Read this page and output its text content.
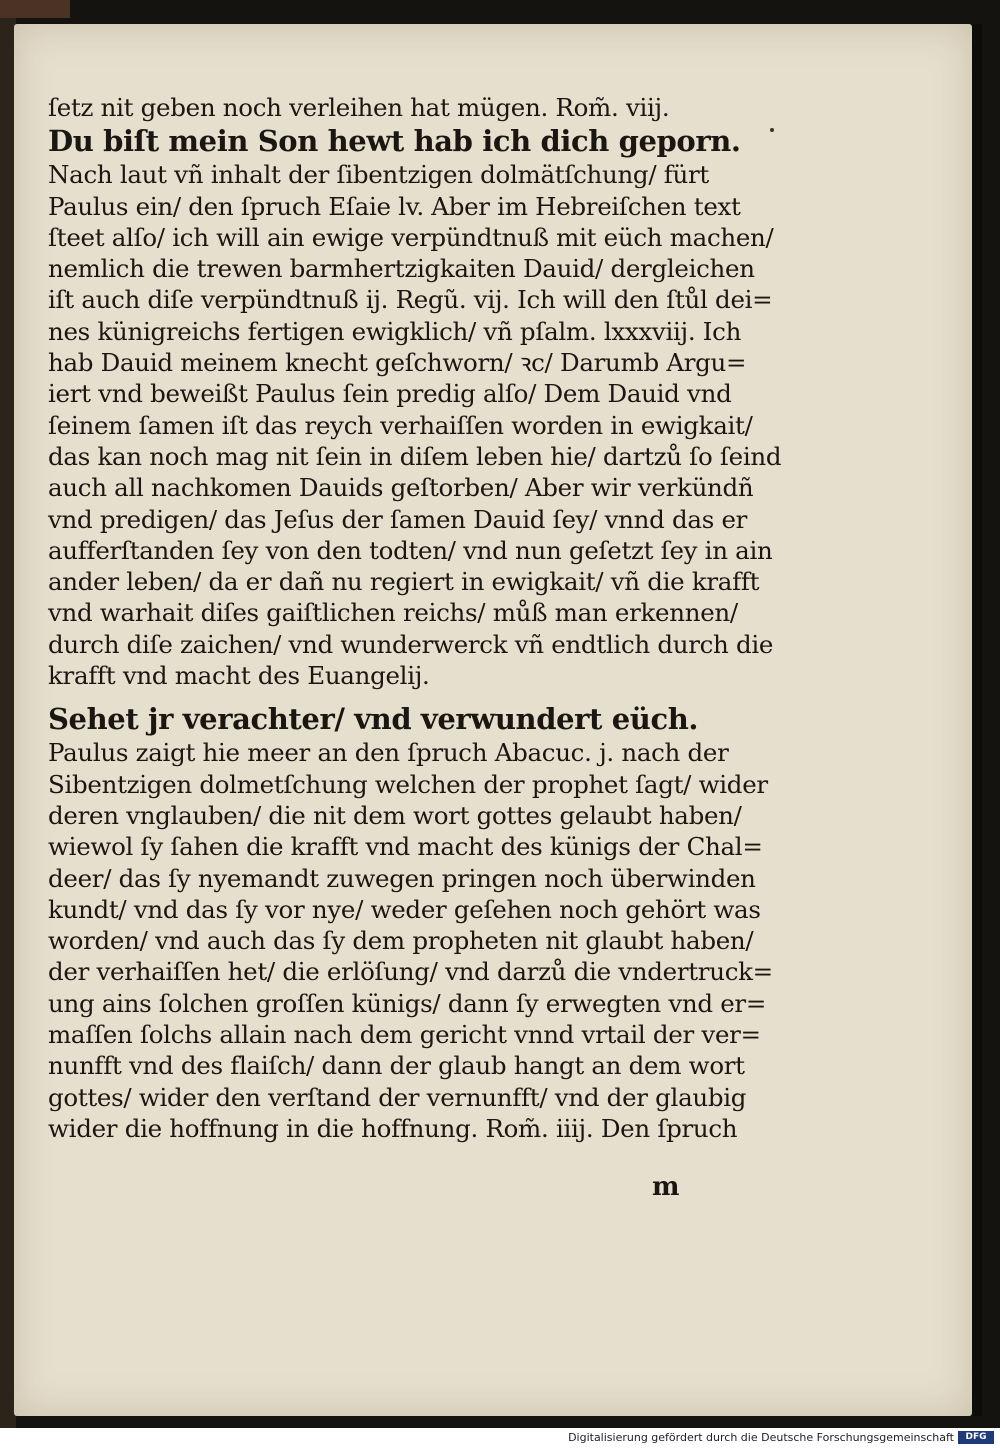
ſetz nit geben noch verleihen hat mügen. Rom̃. viij.
Du biſt mein Son hewt hab ich dich geporn.
Nach laut vñ inhalt der ſibentzigen dolmätſchung/ fürt
Paulus ein/ den ſpruch Eſaie lv. Aber im Hebreiſchen text
ſteet alſo/ ich will ain ewige verpündtnuß mit eüch machen/
nemlich die trewen barmhertzigkaiten Dauid/ dergleichen
iſt auch diſe verpündtnuß ij. Regũ. vij. Ich will den ſtůl dei=
nes künigreichs fertigen ewigklich/ vñ pſalm. lxxxviij. Ich
hab Dauid meinem knecht geſchworn/ ꝛc/ Darumb Argu=
iert vnd beweißt Paulus ſein predig alſo/ Dem Dauid vnd
ſeinem ſamen iſt das reych verhaiſſen worden in ewigkait/
das kan noch mag nit ſein in diſem leben hie/ dartzů ſo ſeind
auch all nachkomen Dauids geſtorben/ Aber wir verkündñ
vnd predigen/ das Jeſus der ſamen Dauid ſey/ vnnd das er
aufferſtanden ſey von den todten/ vnd nun geſetzt ſey in ain
ander leben/ da er dañ nu regiert in ewigkait/ vñ die krafft
vnd warhait diſes gaiſtlichen reichs/ můß man erkennen/
durch diſe zaichen/ vnd wunderwerck vñ endtlich durch die
krafft vnd macht des Euangelij.
Sehet jr verachter/ vnd verwundert eüch.
Paulus zaigt hie meer an den ſpruch Abacuc. j. nach der
Sibentzigen dolmetſchung welchen der prophet ſagt/ wider
deren vnglauben/ die nit dem wort gottes gelaubt haben/
wiewol ſy ſahen die krafft vnd macht des künigs der Chal=
deer/ das ſy nyemandt zuwegen pringen noch überwinden
kundt/ vnd das ſy vor nye/ weder geſehen noch gehört was
worden/ vnd auch das ſy dem propheten nit glaubt haben/
der verhaiſſen het/ die erlöſung/ vnd darzů die vndertruck=
ung ains ſolchen groſſen künigs/ dann ſy erwegten vnd er=
maſſen ſolchs allain nach dem gericht vnnd vrtail der ver=
nunfft vnd des flaiſch/ dann der glaub hangt an dem wort
gottes/ wider den verſtand der vernunfft/ vnd der glaubig
wider die hoffnung in die hoffnung. Rom̃. iiij. Den ſpruch
m
Digitalisierung gefördert durch die Deutsche Forschungsgemeinschaft	DFG
